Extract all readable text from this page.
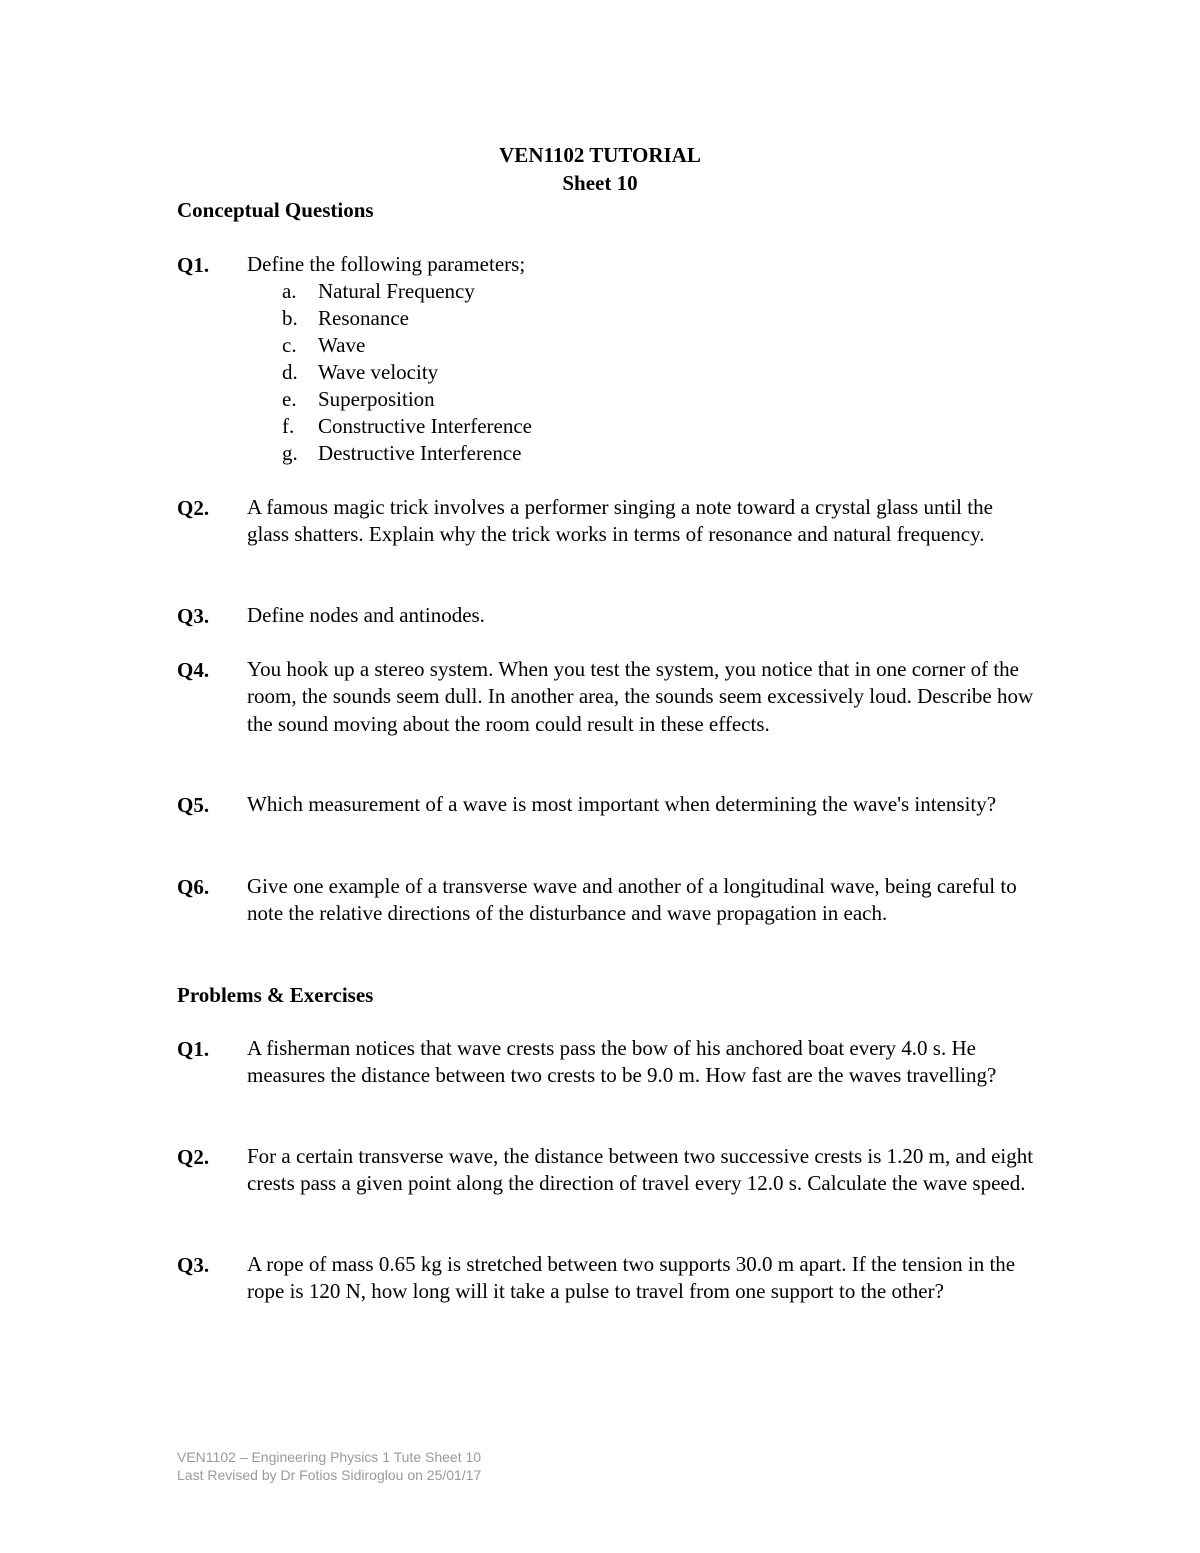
VEN1102 TUTORIAL
Sheet 10
Conceptual Questions
Q1. Define the following parameters;
a. Natural Frequency
b. Resonance
c. Wave
d. Wave velocity
e. Superposition
f. Constructive Interference
g. Destructive Interference
Q2. A famous magic trick involves a performer singing a note toward a crystal glass until the glass shatters. Explain why the trick works in terms of resonance and natural frequency.
Q3. Define nodes and antinodes.
Q4. You hook up a stereo system. When you test the system, you notice that in one corner of the room, the sounds seem dull. In another area, the sounds seem excessively loud. Describe how the sound moving about the room could result in these effects.
Q5. Which measurement of a wave is most important when determining the wave's intensity?
Q6. Give one example of a transverse wave and another of a longitudinal wave, being careful to note the relative directions of the disturbance and wave propagation in each.
Problems & Exercises
Q1. A fisherman notices that wave crests pass the bow of his anchored boat every 4.0 s. He measures the distance between two crests to be 9.0 m. How fast are the waves travelling?
Q2. For a certain transverse wave, the distance between two successive crests is 1.20 m, and eight crests pass a given point along the direction of travel every 12.0 s. Calculate the wave speed.
Q3. A rope of mass 0.65 kg is stretched between two supports 30.0 m apart. If the tension in the rope is 120 N, how long will it take a pulse to travel from one support to the other?
VEN1102 – Engineering Physics 1 Tute Sheet 10
Last Revised by Dr Fotios Sidiroglou on 25/01/17
